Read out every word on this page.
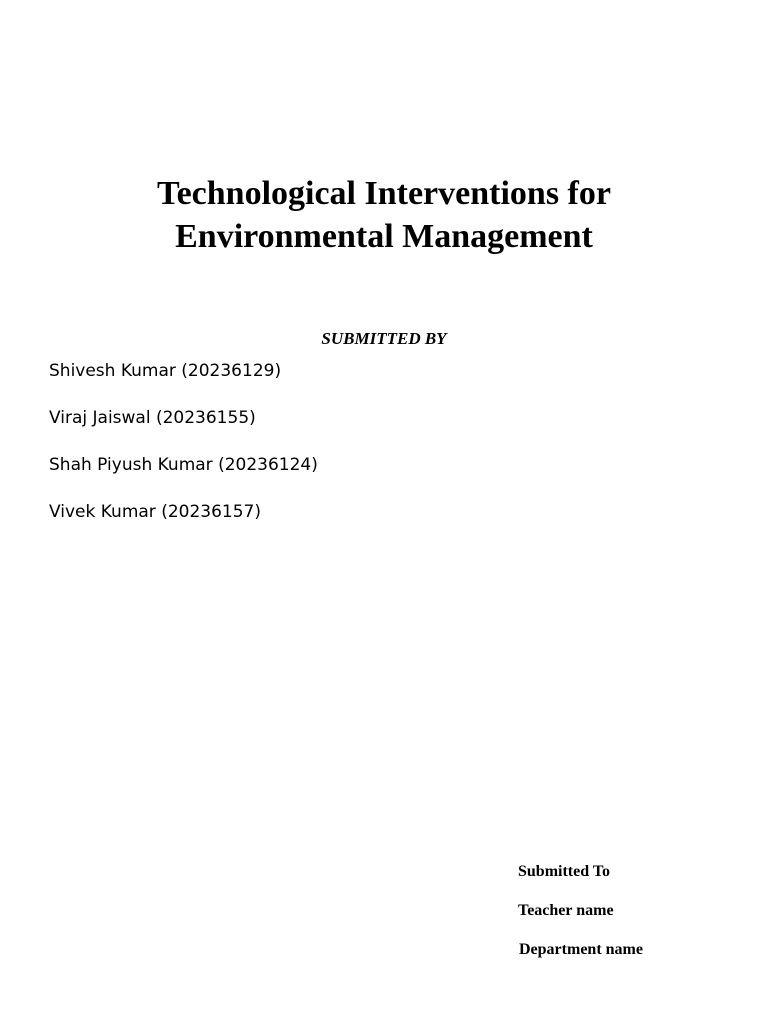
Technological Interventions for
Environmental Management
SUBMITTED BY
Shivesh Kumar (20236129)
Viraj Jaiswal (20236155)
Shah Piyush Kumar (20236124)
Vivek Kumar (20236157)
Submitted To
Teacher name
Department name
